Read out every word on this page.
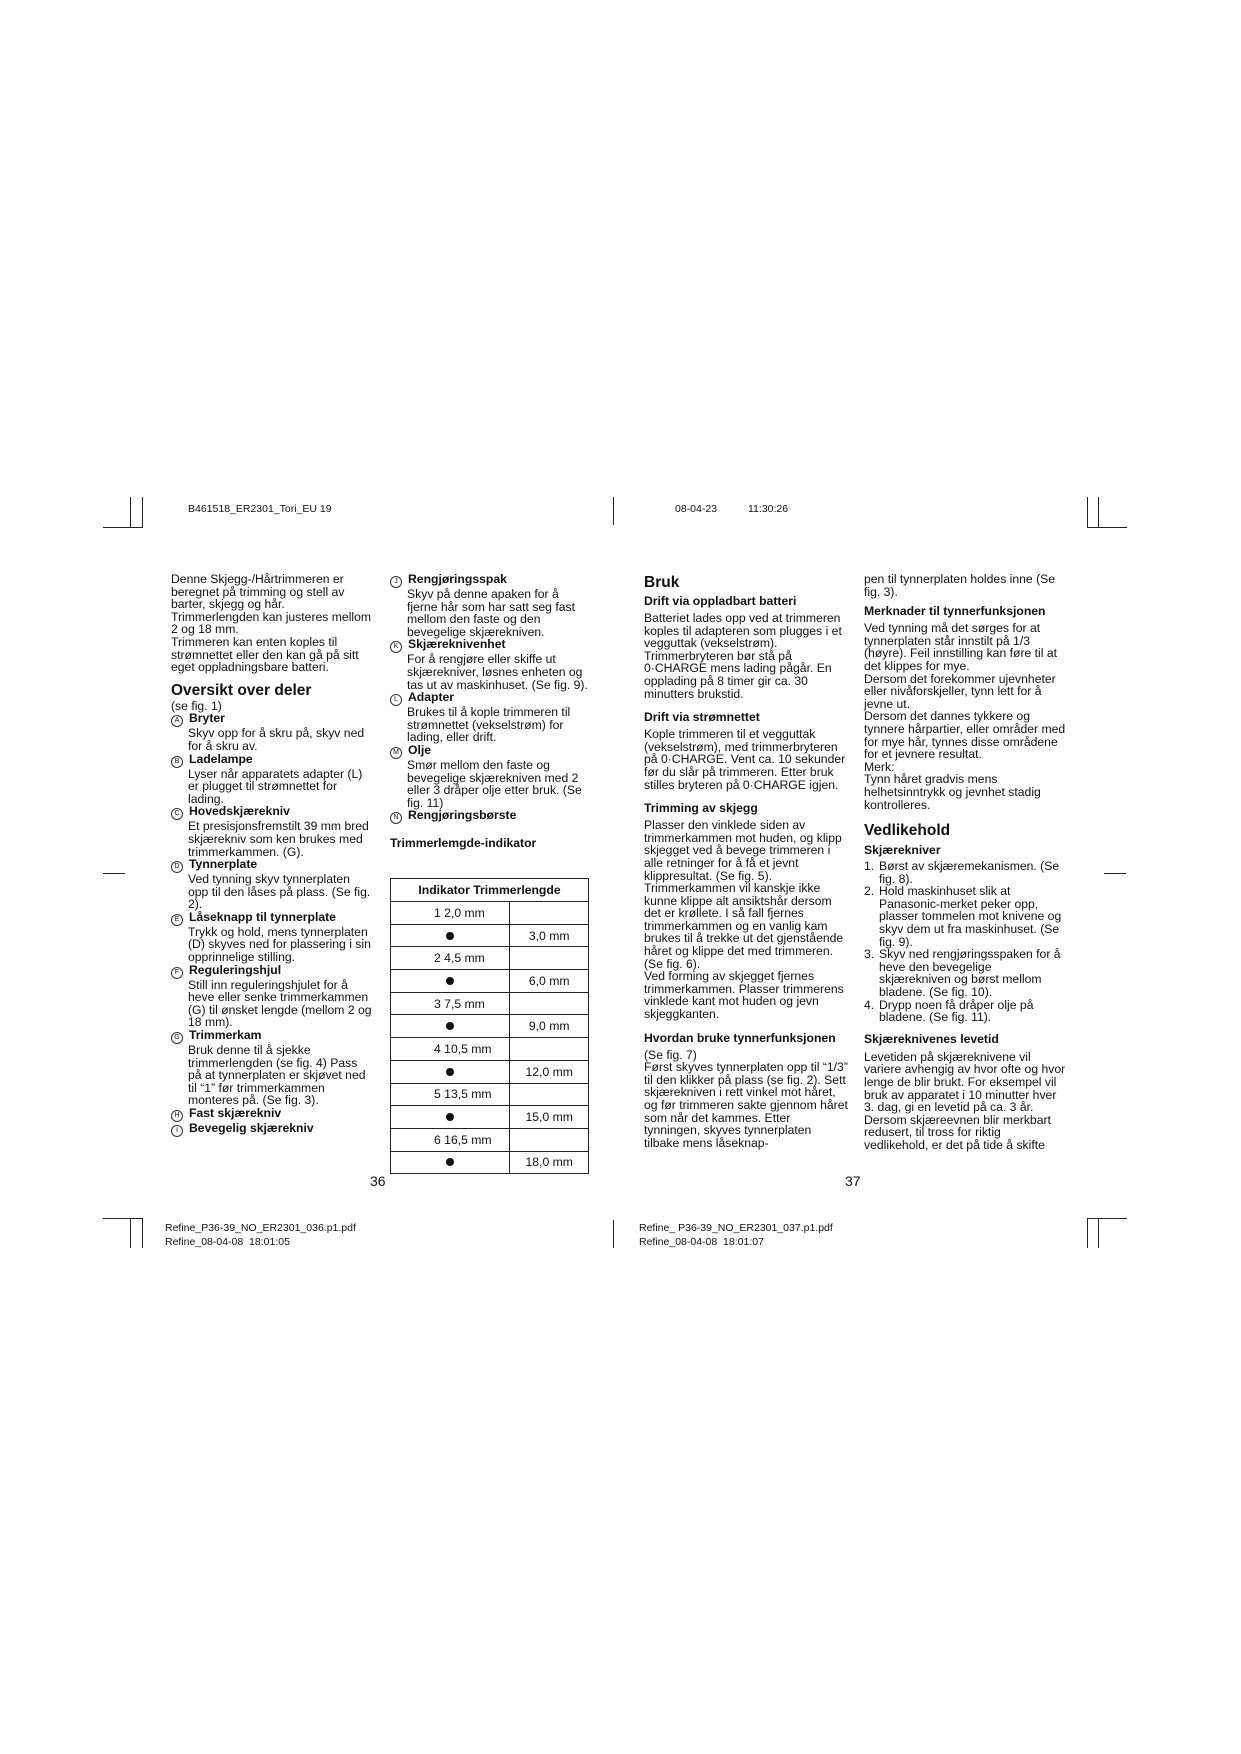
B461518_ER2301_Tori_EU 19	08-04-23	11:30:26

Denne Skjegg-/Hårtrimmeren er beregnet på trimming og stell av barter, skjegg og hår. Trimmerlengden kan justeres mellom 2 og 18 mm.

Trimmeren kan enten koples til strømnettet eller den kan gå på sitt eget oppladningsbare batteri.

Oversikt over deler

(se fig. 1)

A Bryter
Skyv opp for å skru på, skyv ned for å skru av.
B Ladelampe
Lyser når apparatets adapter (L) er plugget til strømnettet for lading.
C Hovedskjærekniv
Et presisjonsfremstilt 39 mm bred skjærekniv som ken brukes med trimmerkammen. (G).
D Tynnerplate
Ved tynning skyv tynnerplaten opp til den låses på plass. (Se fig. 2).
E Låseknapp til tynnerplate
Trykk og hold, mens tynnerplaten (D) skyves ned for plassering i sin opprinnelige stilling.
F Reguleringshjul
Still inn reguleringshjulet for å heve eller senke trimmerkammen (G) til ønsket lengde (mellom 2 og 18 mm).
G Trimmerkam
Bruk denne til å sjekke trimmerlengden (se fig. 4) Pass på at tynnerplaten er skjøvet ned til “1” før trimmerkammen monteres på. (Se fig. 3).
H Fast skjærekniv
I Bevegelig skjærekniv
J Rengjøringsspak
Skyv på denne apaken for å fjerne hår som har satt seg fast mellom den faste og den bevegelige skjærekniven.
K Skjæreknivenhet
For å rengjøre eller skiffe ut skjærekniver, løsnes enheten og tas ut av maskinhuset. (Se fig. 9).
L Adapter
Brukes til å kople trimmeren til strømnettet (vekselstrøm) for lading, eller drift.
M Olje
Smør mellom den faste og bevegelige skjærekniven med 2 eller 3 dråper olje etter bruk. (Se fig. 11)
N Rengjøringsbørste

Trimmerlemgde-indikator

Indikator Trimmerlengde	
1 2,0 mm	
	3,0 mm
2 4,5 mm	
	6,0 mm
3 7,5 mm	
	9,0 mm
4 10,5 mm	
	12,0 mm
5 13,5 mm	
	15,0 mm
6 16,5 mm	
	18,0 mm

Bruk

Drift via oppladbart batteri

Batteriet lades opp ved at trimmeren koples til adapteren som plugges i et vegguttak (vekselstrøm). Trimmerbryteren bør stå på 0·CHARGE mens lading pågår. En opplading på 8 timer gir ca. 30 minutters brukstid.

Drift via strømnettet

Kople trimmeren til et vegguttak (vekselstrøm), med trimmerbryteren på 0·CHARGE. Vent ca. 10 sekunder før du slår på trimmeren. Etter bruk stilles bryteren på 0·CHARGE igjen.

Trimming av skjegg

Plasser den vinklede siden av trimmerkammen mot huden, og klipp skjegget ved å bevege trimmeren i alle retninger for å få et jevnt klippresultat. (Se fig. 5).

Trimmerkammen vil kanskje ikke kunne klippe alt ansiktshår dersom det er krøllete. I så fall fjernes trimmerkammen og en vanlig kam brukes til å trekke ut det gjenstående håret og klippe det med trimmeren. (Se fig. 6).

Ved forming av skjegget fjernes trimmerkammen. Plasser trimmerens vinklede kant mot huden og jevn skjeggkanten.

Hvordan bruke tynnerfunksjonen

(Se fig. 7)

Først skyves tynnerplaten opp til “1/3” til den klikker på plass (se fig. 2). Sett skjærekniven i rett vinkel mot håret, og før trimmeren sakte gjennom håret som når det kammes. Etter tynningen, skyves tynnerplaten tilbake mens låseknap-

pen til tynnerplaten holdes inne (Se fig. 3).

Merknader til tynnerfunksjonen

Ved tynning må det sørges for at tynnerplaten står innstilt på 1/3 (høyre). Feil innstilling kan føre til at det klippes for mye.

Dersom det forekommer ujevnheter eller nivåforskjeller, tynn lett for å jevne ut.

Dersom det dannes tykkere og tynnere hårpartier, eller områder med for mye hår, tynnes disse områdene for et jevnere resultat.

Merk:

Tynn håret gradvis mens helhetsinntrykk og jevnhet stadig kontrolleres.

Vedlikehold

Skjærekniver

1. Børst av skjæremekanismen. (Se fig. 8).
2. Hold maskinhuset slik at Panasonic-merket peker opp, plasser tommelen mot knivene og skyv dem ut fra maskinhuset. (Se fig. 9).
3. Skyv ned rengjøringsspaken for å heve den bevegelige skjærekniven og børst mellom bladene. (Se fig. 10).
4. Drypp noen få dråper olje på bladene. (Se fig. 11).

Skjæreknivenes levetid

Levetiden på skjæreknivene vil variere avhengig av hvor ofte og hvor lenge de blir brukt. For eksempel vil bruk av apparatet i 10 minutter hver 3. dag, gi en levetid på ca. 3 år. Dersom skjæreevnen blir merkbart redusert, til tross for riktig vedlikehold, er det på tide å skifte

36	37
Refine_P36-39_NO_ER2301_036.p1.pdf
Refine_08-04-08  18:01:05
Refine_ P36-39_NO_ER2301_037.p1.pdf
Refine_08-04-08  18:01:07
